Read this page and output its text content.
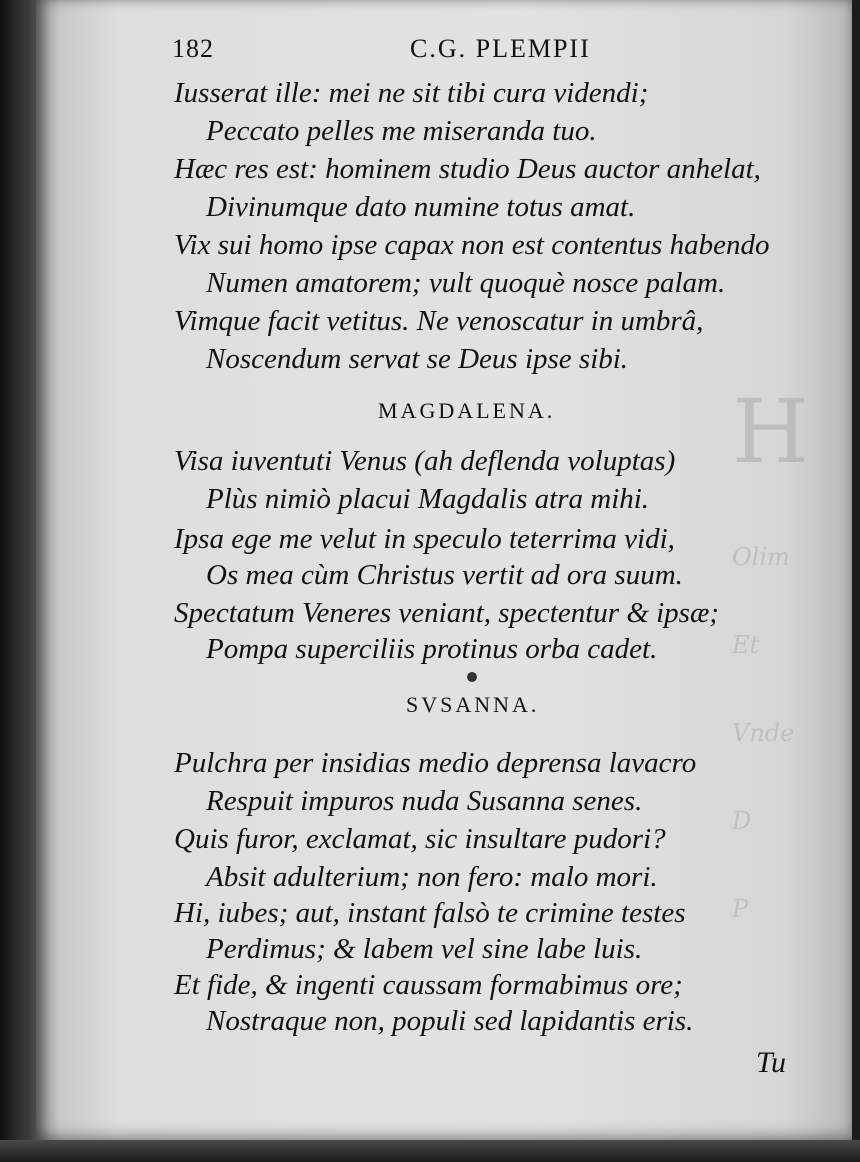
H
Olim
Et
Vnde
D
P
182	C.G. PLEMPII
Iusserat ille: mei ne sit tibi cura videndi;
Peccato pelles me miseranda tuo.
Hæc res est: hominem studio Deus auctor anhelat,
Divinumque dato numine totus amat.
Vix sui homo ipse capax non est contentus habendo
Numen amatorem; vult quoquè nosce palam.
Vimque facit vetitus. Ne venoscatur in umbrâ,
Noscendum servat se Deus ipse sibi.
MAGDALENA.
Visa iuventuti Venus (ah deflenda voluptas)
Plùs nimiò placui Magdalis atra mihi.
Ipsa ege me velut in speculo teterrima vidi,
Os mea cùm Christus vertit ad ora suum.
Spectatum Veneres veniant, spectentur & ipsæ;
Pompa superciliis protinus orba cadet.
SVSANNA.
Pulchra per insidias medio deprensa lavacro
Respuit impuros nuda Susanna senes.
Quis furor, exclamat, sic insultare pudori?
Absit adulterium; non fero: malo mori.
Hi, iubes; aut, instant falsò te crimine testes
Perdimus; & labem vel sine labe luis.
Et fide, & ingenti caussam formabimus ore;
Nostraque non, populi sed lapidantis eris.
Tu
